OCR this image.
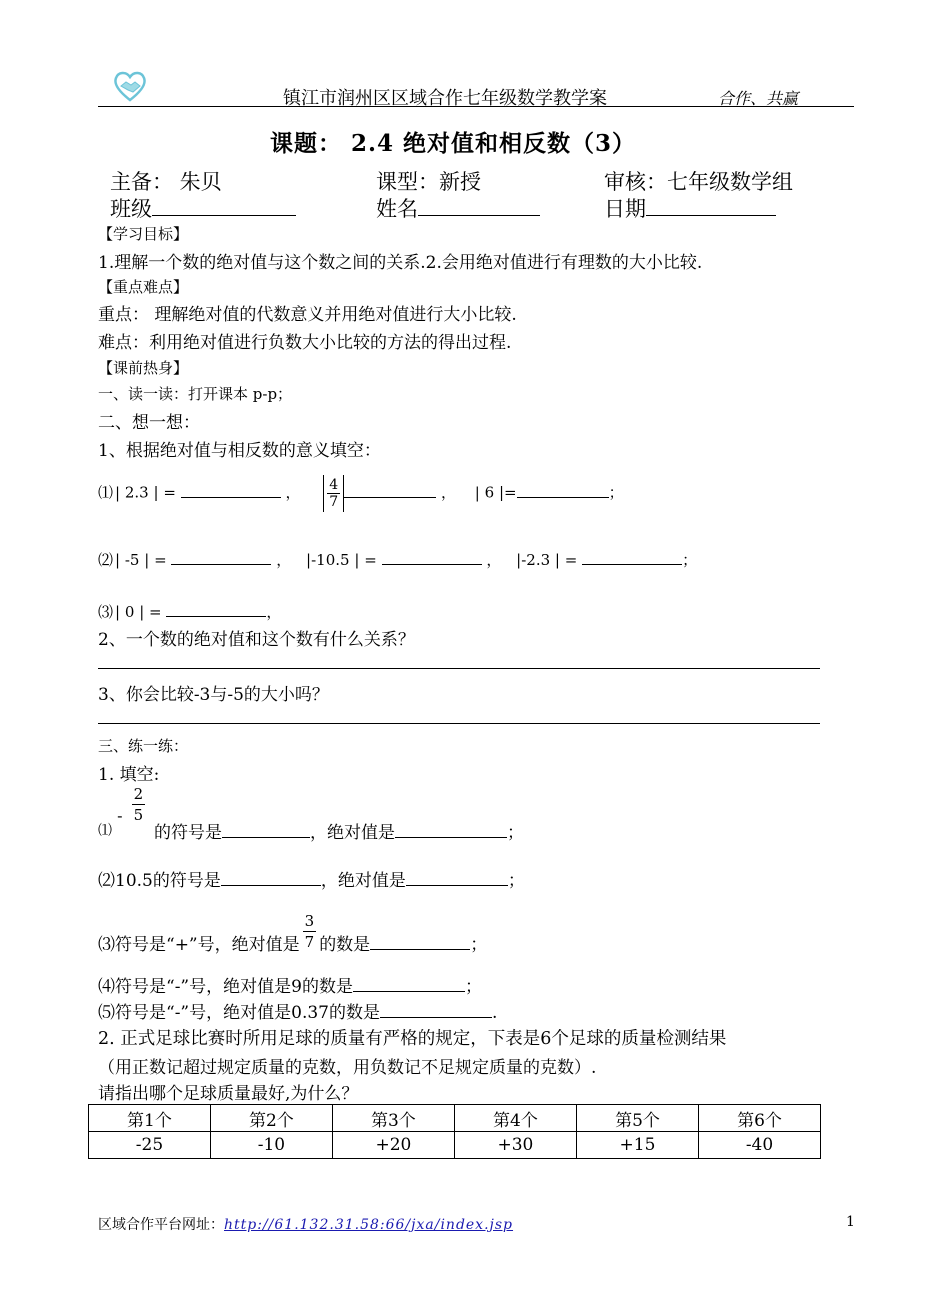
镇江市润州区区域合作七年级数学教学案	合作、共赢
课题： 2.4 绝对值和相反数（3）
主备： 朱贝	课型：新授	审核：七年级数学组
班级	姓名	日期
【学习目标】
1.理解一个数的绝对值与这个数之间的关系.2.会用绝对值进行有理数的大小比较.
【重点难点】
重点： 理解绝对值的代数意义并用绝对值进行大小比较.
难点：利用绝对值进行负数大小比较的方法的得出过程.
【课前热身】
一、读一读：打开课本 p-p；
二、想一想：
1、根据绝对值与相反数的意义填空：
⑴ | 2.3 | =	， $\frac{4}{7}$	， | 6 |=	；
⑵ | -5 | =	， |-10.5 | =	， |-2.3 | =	；
⑶ | 0 | =	，
2、一个数的绝对值和这个数有什么关系？
3、你会比较-3与-5的大小吗？
三、练一练：
1. 填空:
⑴ - $\frac{2}{5}$
的符号是	，绝对值是	；
⑵10.5的符号是	，绝对值是	；
⑶符号是“+”号，绝对值是 $\frac{3}{7}$ 的数是	；
⑷符号是“-”号，绝对值是9的数是	；
⑸符号是“-”号，绝对值是0.37的数是	.
2. 正式足球比赛时所用足球的质量有严格的规定，下表是6个足球的质量检测结果
（用正数记超过规定质量的克数，用负数记不足规定质量的克数）.
请指出哪个足球质量最好,为什么？
第1个	第2个	第3个	第4个	第5个	第6个
-25	-10	+20	+30	+15	-40
区域合作平台网址：http://61.132.31.58:66/jxa/index.jsp	1
